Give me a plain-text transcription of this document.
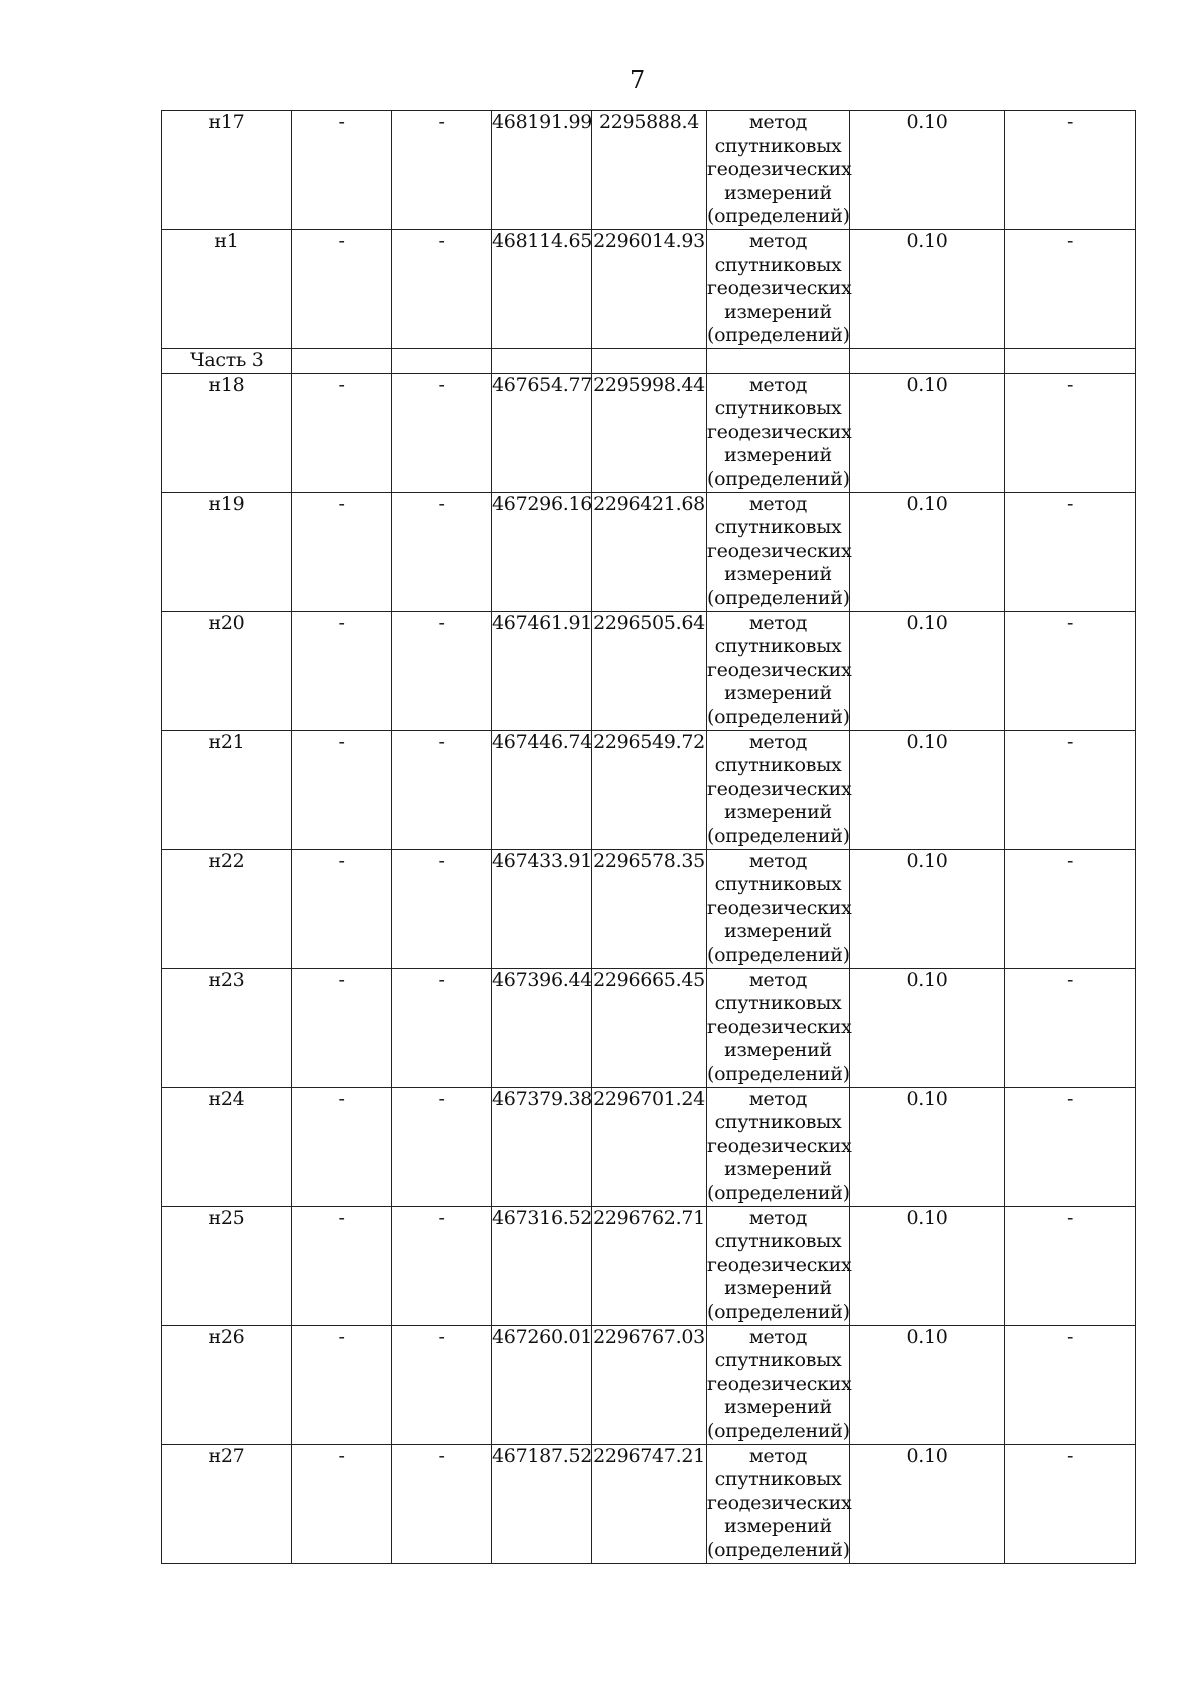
7
н17	-	-	468191.99	2295888.4	метод
спутниковых
геодезических
измерений
(определений)	0.10	-
н1	-	-	468114.65	2296014.93	метод
спутниковых
геодезических
измерений
(определений)	0.10	-

Часть 3							

н18	-	-	467654.77	2295998.44	метод
спутниковых
геодезических
измерений
(определений)	0.10	-
н19	-	-	467296.16	2296421.68	метод
спутниковых
геодезических
измерений
(определений)	0.10	-
н20	-	-	467461.91	2296505.64	метод
спутниковых
геодезических
измерений
(определений)	0.10	-
н21	-	-	467446.74	2296549.72	метод
спутниковых
геодезических
измерений
(определений)	0.10	-
н22	-	-	467433.91	2296578.35	метод
спутниковых
геодезических
измерений
(определений)	0.10	-
н23	-	-	467396.44	2296665.45	метод
спутниковых
геодезических
измерений
(определений)	0.10	-
н24	-	-	467379.38	2296701.24	метод
спутниковых
геодезических
измерений
(определений)	0.10	-
н25	-	-	467316.52	2296762.71	метод
спутниковых
геодезических
измерений
(определений)	0.10	-
н26	-	-	467260.01	2296767.03	метод
спутниковых
геодезических
измерений
(определений)	0.10	-
н27	-	-	467187.52	2296747.21	метод
спутниковых
геодезических
измерений
(определений)	0.10	-
